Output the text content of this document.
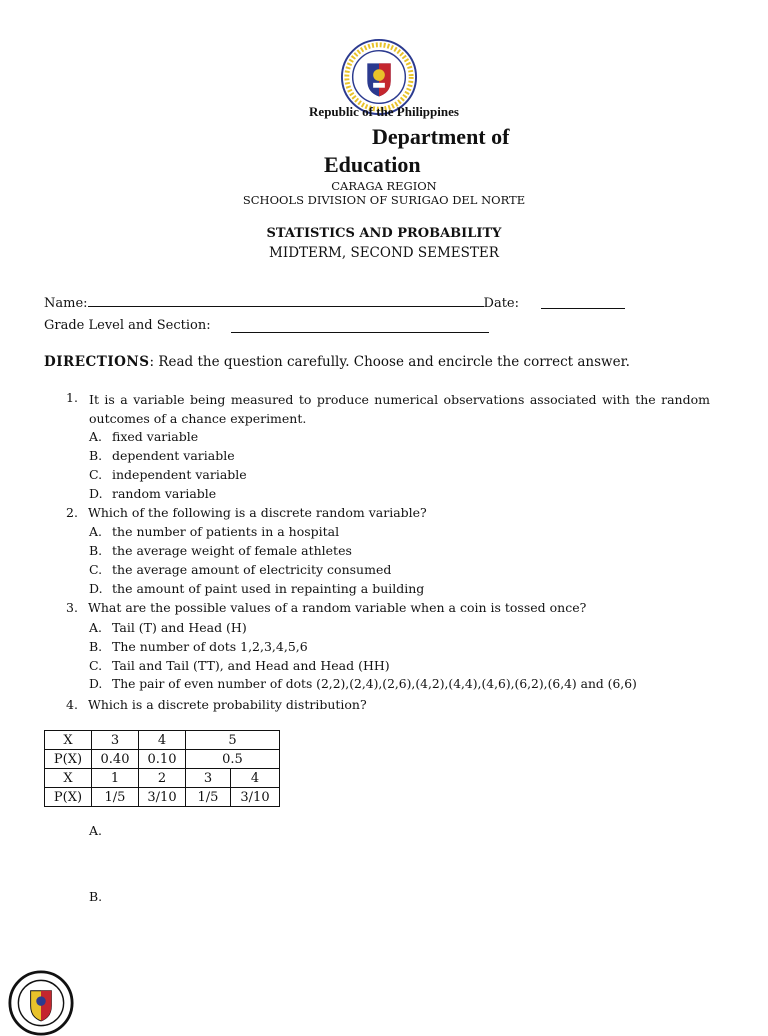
Republic of the Philippines
Department of
Education
CARAGA REGION
SCHOOLS DIVISION OF SURIGAO DEL NORTE
STATISTICS AND PROBABILITY
MIDTERM, SECOND SEMESTER
Name:	Date:
Grade Level and Section:
DIRECTIONS: Read the question carefully. Choose and encircle the correct answer.
1. It is a variable being measured to produce numerical observations associated with the random outcomes of a chance experiment.
A. fixed variable
B. dependent variable
C. independent variable
D. random variable
2. Which of the following is a discrete random variable?
A. the number of patients in a hospital
B. the average weight of female athletes
C. the average amount of electricity consumed
D. the amount of paint used in repainting a building
3. What are the possible values of a random variable when a coin is tossed once?
A. Tail (T) and Head (H)
B. The number of dots 1,2,3,4,5,6
C. Tail and Tail (TT), and Head and Head (HH)
D. The pair of even number of dots (2,2),(2,4),(2,6),(4,2),(4,4),(4,6),(6,2),(6,4) and (6,6)
4. Which is a discrete probability distribution?
X	3	4	5	
P(X)	0.40	0.10	0.5	
X	1	2	3	4
P(X)	1/5	3/10	1/5	3/10
A.
B.
